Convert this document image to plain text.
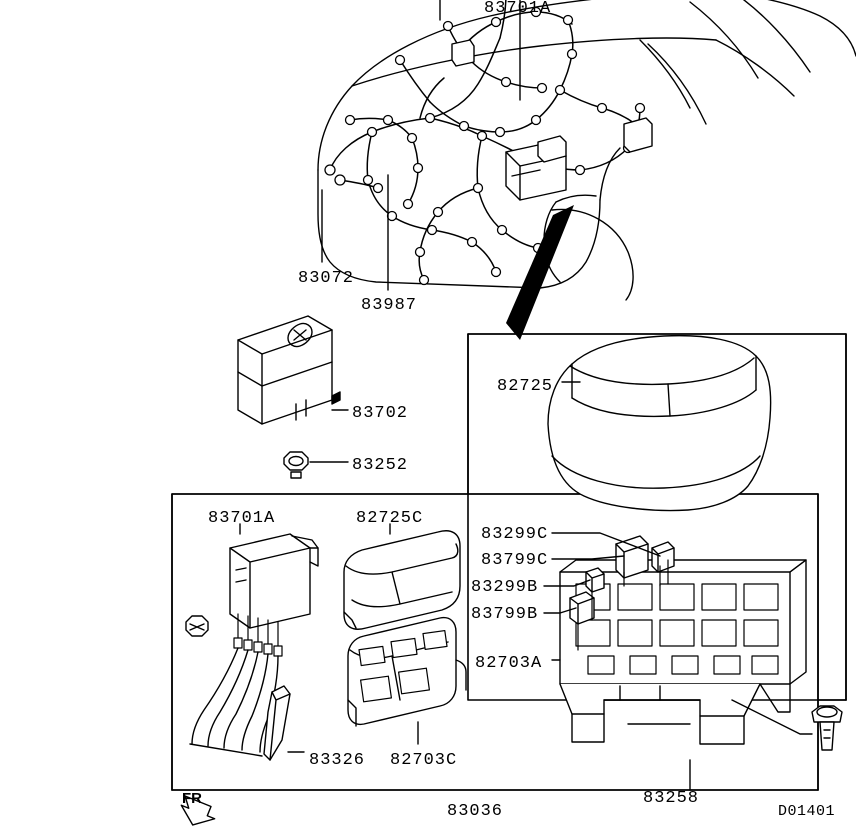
83701A
83072
83987
83702
83252
82725
83701A	82725C
83299C
83799C
83299B
83799B
82703A
83326 82703C
83036
83258
FR
D01401
